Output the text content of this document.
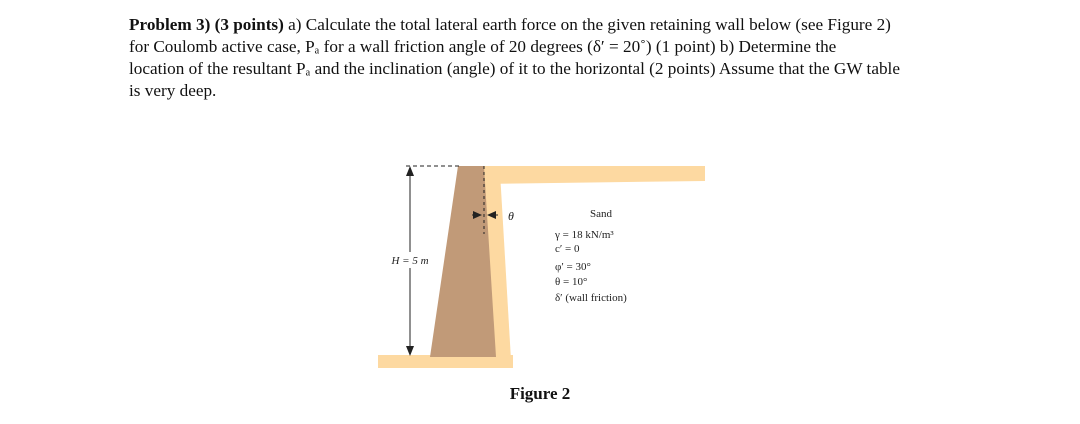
Problem 3) (3 points) a) Calculate the total lateral earth force on the given retaining wall below (see Figure 2)
for Coulomb active case, Pₐ for a wall friction angle of 20 degrees (δ′ = 20˚) (1 point) b) Determine the
location of the resultant Pₐ and the inclination (angle) of it to the horizontal (2 points) Assume that the GW table
is very deep.
H = 5 m
θ	Sand
γ = 18 kN/m³
c′ = 0
φ′ = 30°
θ = 10°
δ′ (wall friction)
Figure 2
